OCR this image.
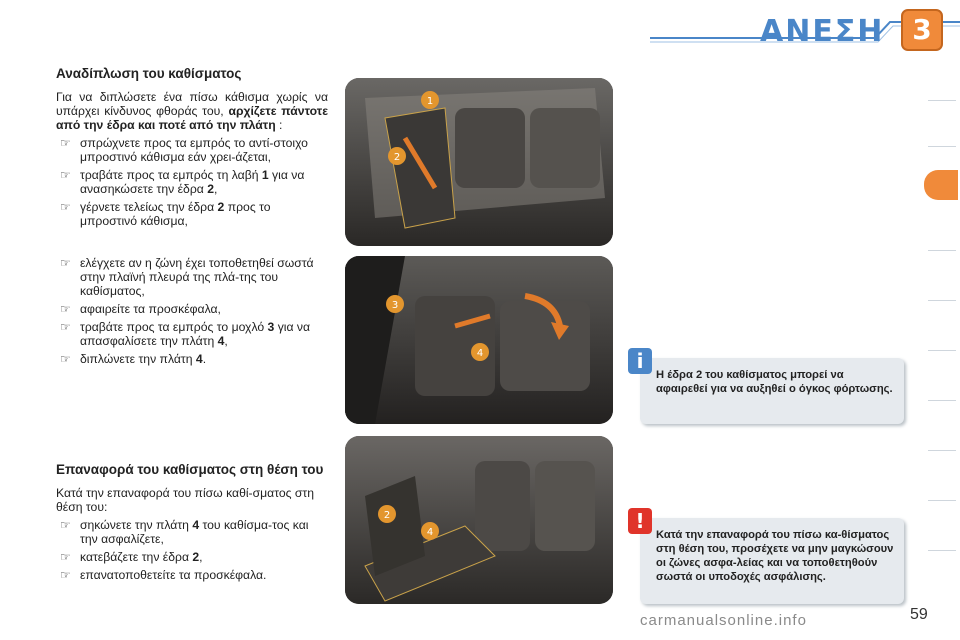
ΑΝΕΣΗ 3
Αναδίπλωση του καθίσματος

Για να διπλώσετε ένα πίσω κάθισμα χωρίς να υπάρχει κίνδυνος φθοράς του, αρχίζετε πάντοτε από την έδρα και ποτέ από την πλάτη :

☞ σπρώχνετε προς τα εμπρός το αντί-στοιχο μπροστινό κάθισμα εάν χρει-άζεται,
☞ τραβάτε προς τα εμπρός τη λαβή 1 για να ανασηκώσετε την έδρα 2,
☞ γέρνετε τελείως την έδρα 2 προς το μπροστινό κάθισμα,
☞ ελέγχετε αν η ζώνη έχει τοποθετηθεί σωστά στην πλαϊνή πλευρά της πλά-της του καθίσματος,
☞ αφαιρείτε τα προσκέφαλα,
☞ τραβάτε προς τα εμπρός το μοχλό 3 για να απασφαλίσετε την πλάτη 4,
☞ διπλώνετε την πλάτη 4.
Επαναφορά του καθίσματος στη θέση του

Κατά την επαναφορά του πίσω καθί-σματος στη θέση του:

☞ σηκώνετε την πλάτη 4 του καθίσμα-τος και την ασφαλίζετε,
☞ κατεβάζετε την έδρα 2,
☞ επανατοποθετείτε τα προσκέφαλα.
1
2
3
4
2
4
i
Η έδρα 2 του καθίσματος μπορεί να αφαιρεθεί για να αυξηθεί ο όγκος φόρτωσης.
!
Κατά την επαναφορά του πίσω κα-θίσματος στη θέση του, προσέχετε να μην μαγκώσουν οι ζώνες ασφα-λείας και να τοποθετηθούν σωστά οι υποδοχές ασφάλισης.
59
carmanualsonline.info
